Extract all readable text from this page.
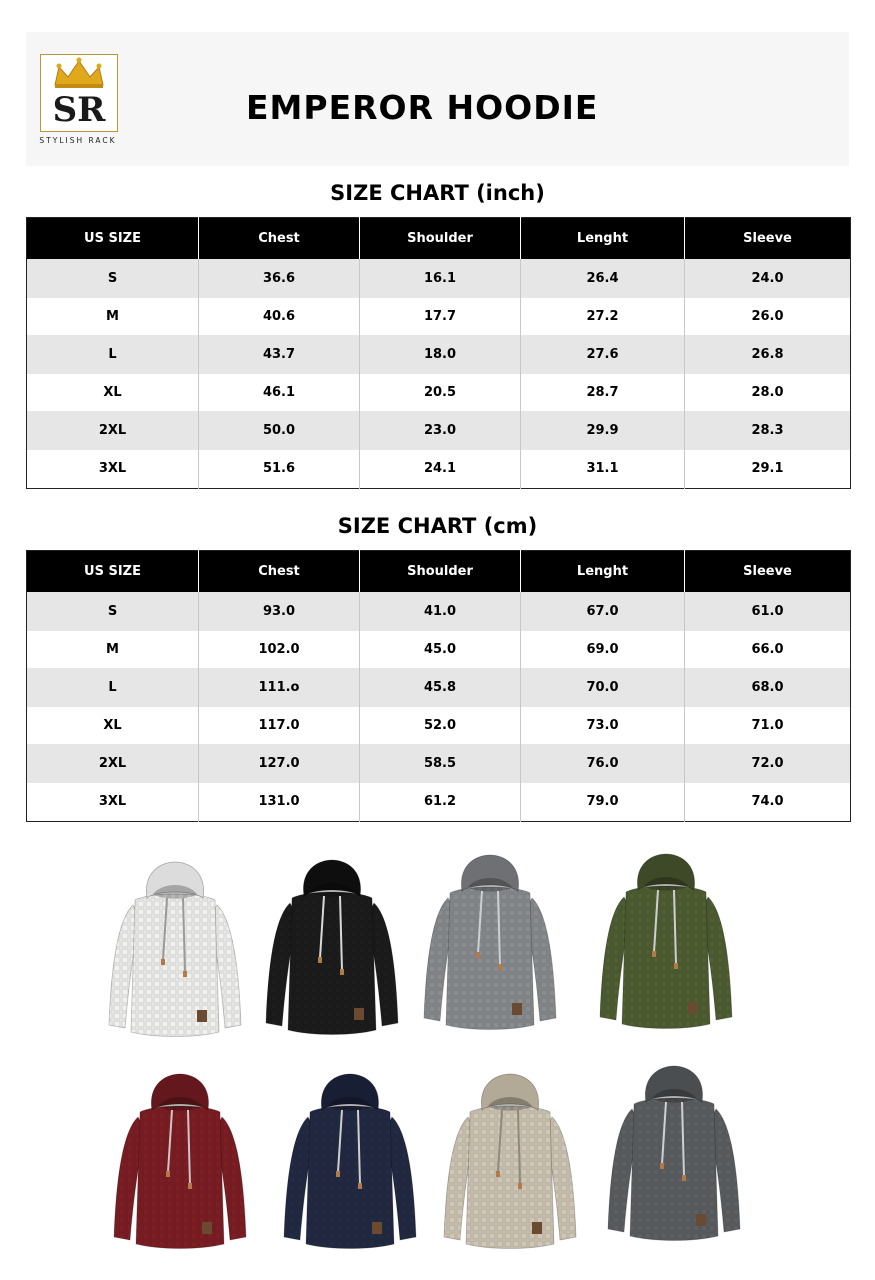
SR
STYLISH RACK
EMPEROR HOODIE
SIZE CHART (inch)
US SIZE	Chest	Shoulder	Lenght	Sleeve
S	36.6	16.1	26.4	24.0
M	40.6	17.7	27.2	26.0
L	43.7	18.0	27.6	26.8
XL	46.1	20.5	28.7	28.0
2XL	50.0	23.0	29.9	28.3
3XL	51.6	24.1	31.1	29.1
SIZE CHART (cm)
US SIZE	Chest	Shoulder	Lenght	Sleeve
S	93.0	41.0	67.0	61.0
M	102.0	45.0	69.0	66.0
L	111.o	45.8	70.0	68.0
XL	117.0	52.0	73.0	71.0
2XL	127.0	58.5	76.0	72.0
3XL	131.0	61.2	79.0	74.0
